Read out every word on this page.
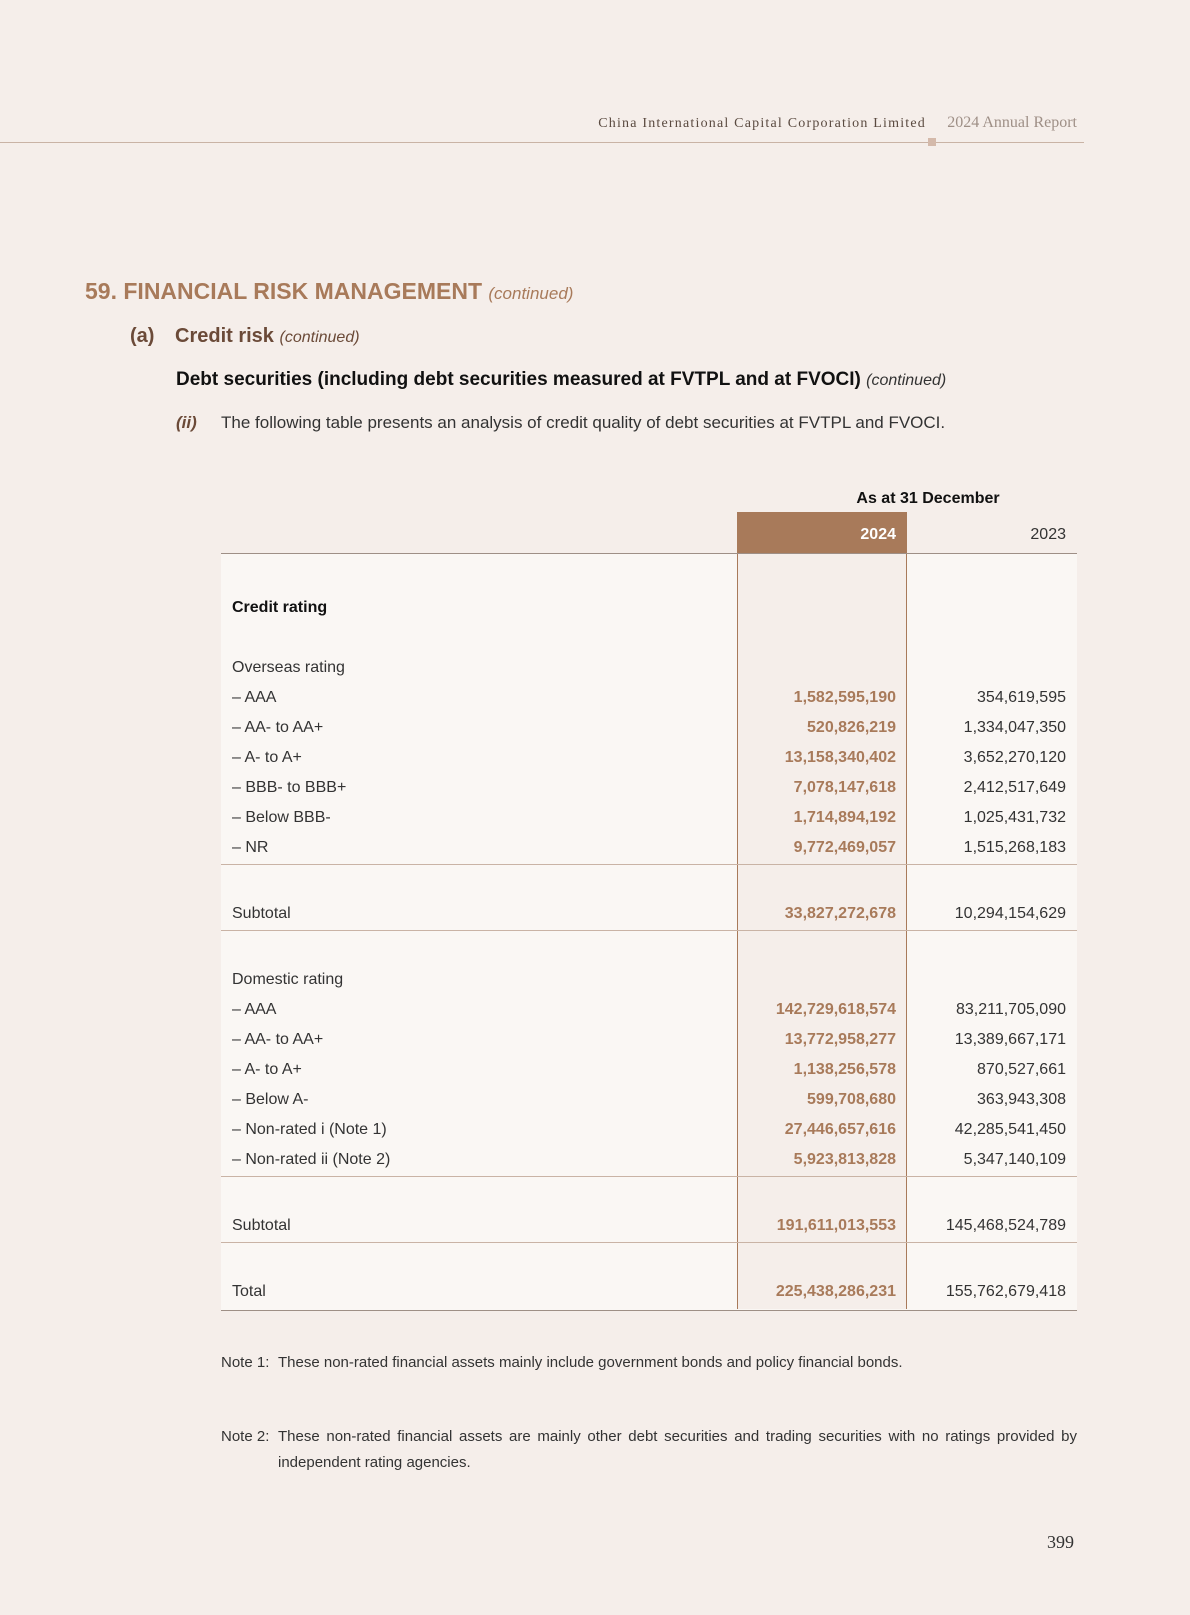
China International Capital Corporation Limited 2024 Annual Report
59. FINANCIAL RISK MANAGEMENT (continued)
(a) Credit risk (continued)
Debt securities (including debt securities measured at FVTPL and at FVOCI) (continued)
(ii) The following table presents an analysis of credit quality of debt securities at FVTPL and FVOCI.
As at 31 December
2024	2023
Credit rating
Overseas rating
– AAA	1,582,595,190	354,619,595
– AA- to AA+	520,826,219	1,334,047,350
– A- to A+	13,158,340,402	3,652,270,120
– BBB- to BBB+	7,078,147,618	2,412,517,649
– Below BBB-	1,714,894,192	1,025,431,732
– NR	9,772,469,057	1,515,268,183
Subtotal	33,827,272,678	10,294,154,629
Domestic rating
– AAA	142,729,618,574	83,211,705,090
– AA- to AA+	13,772,958,277	13,389,667,171
– A- to A+	1,138,256,578	870,527,661
– Below A-	599,708,680	363,943,308
– Non-rated i (Note 1)	27,446,657,616	42,285,541,450
– Non-rated ii (Note 2)	5,923,813,828	5,347,140,109
Subtotal	191,611,013,553	145,468,524,789
Total	225,438,286,231	155,762,679,418
Note 1: These non-rated financial assets mainly include government bonds and policy financial bonds.
Note 2: These non-rated financial assets are mainly other debt securities and trading securities with no ratings provided by independent rating agencies.
399
